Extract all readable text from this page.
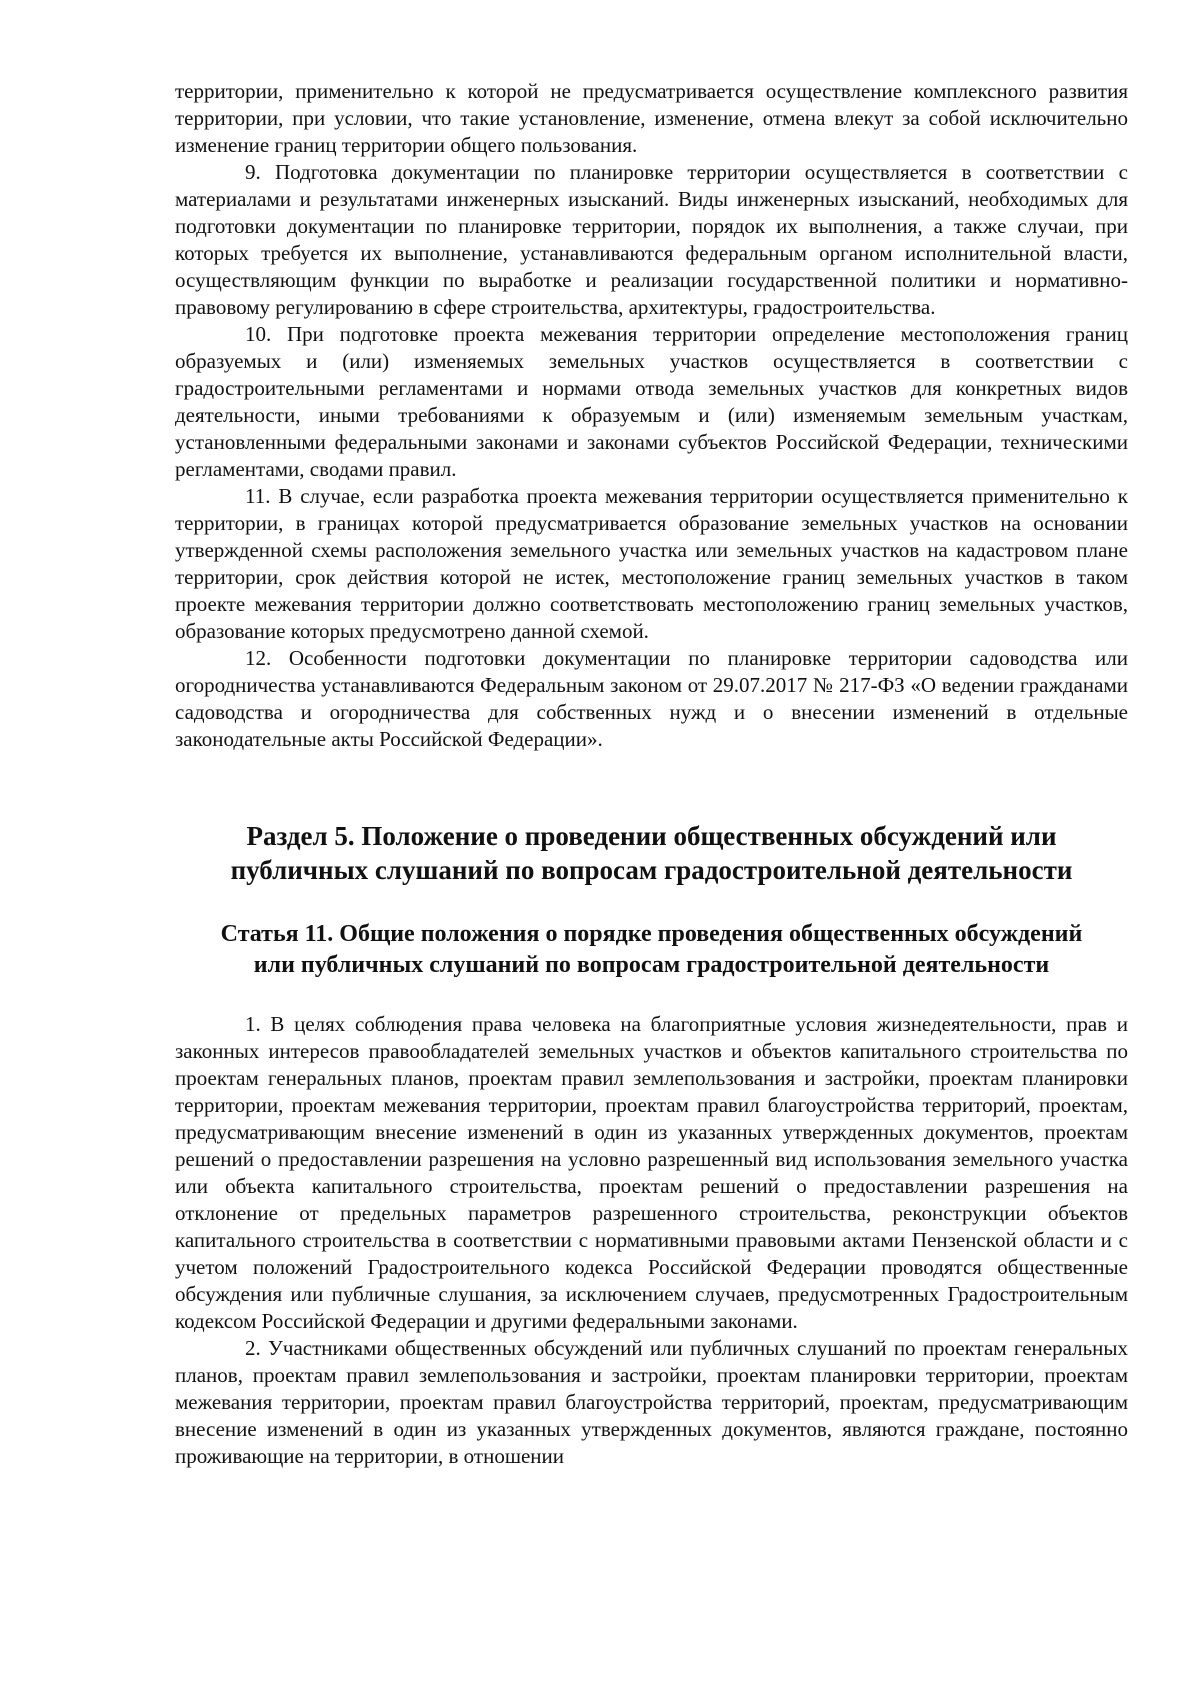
территории, применительно к которой не предусматривается осуществление комплексного развития территории, при условии, что такие установление, изменение, отмена влекут за собой исключительно изменение границ территории общего пользования.

9. Подготовка документации по планировке территории осуществляется в соответствии с материалами и результатами инженерных изысканий. Виды инженерных изысканий, необходимых для подготовки документации по планировке территории, порядок их выполнения, а также случаи, при которых требуется их выполнение, устанавливаются федеральным органом исполнительной власти, осуществляющим функции по выработке и реализации государственной политики и нормативно-правовому регулированию в сфере строительства, архитектуры, градостроительства.

10. При подготовке проекта межевания территории определение местоположения границ образуемых и (или) изменяемых земельных участков осуществляется в соответствии с градостроительными регламентами и нормами отвода земельных участков для конкретных видов деятельности, иными требованиями к образуемым и (или) изменяемым земельным участкам, установленными федеральными законами и законами субъектов Российской Федерации, техническими регламентами, сводами правил.

11. В случае, если разработка проекта межевания территории осуществляется применительно к территории, в границах которой предусматривается образование земельных участков на основании утвержденной схемы расположения земельного участка или земельных участков на кадастровом плане территории, срок действия которой не истек, местоположение границ земельных участков в таком проекте межевания территории должно соответствовать местоположению границ земельных участков, образование которых предусмотрено данной схемой.

12. Особенности подготовки документации по планировке территории садоводства или огородничества устанавливаются Федеральным законом от 29.07.2017 № 217-ФЗ «О ведении гражданами садоводства и огородничества для собственных нужд и о внесении изменений в отдельные законодательные акты Российской Федерации».

Раздел 5. Положение о проведении общественных обсуждений или

публичных слушаний по вопросам градостроительной деятельности

Статья 11. Общие положения о порядке проведения общественных обсуждений

или публичных слушаний по вопросам градостроительной деятельности

1. В целях соблюдения права человека на благоприятные условия жизнедеятельности, прав и законных интересов правообладателей земельных участков и объектов капитального строительства по проектам генеральных планов, проектам правил землепользования и застройки, проектам планировки территории, проектам межевания территории, проектам правил благоустройства территорий, проектам, предусматривающим внесение изменений в один из указанных утвержденных документов, проектам решений о предоставлении разрешения на условно разрешенный вид использования земельного участка или объекта капитального строительства, проектам решений о предоставлении разрешения на отклонение от предельных параметров разрешенного строительства, реконструкции объектов капитального строительства в соответствии с нормативными правовыми актами Пензенской области и с учетом положений Градостроительного кодекса Российской Федерации проводятся общественные обсуждения или публичные слушания, за исключением случаев, предусмотренных Градостроительным кодексом Российской Федерации и другими федеральными законами.

2. Участниками общественных обсуждений или публичных слушаний по проектам генеральных планов, проектам правил землепользования и застройки, проектам планировки территории, проектам межевания территории, проектам правил благоустройства территорий, проектам, предусматривающим внесение изменений в один из указанных утвержденных документов, являются граждане, постоянно проживающие на территории, в отношении
